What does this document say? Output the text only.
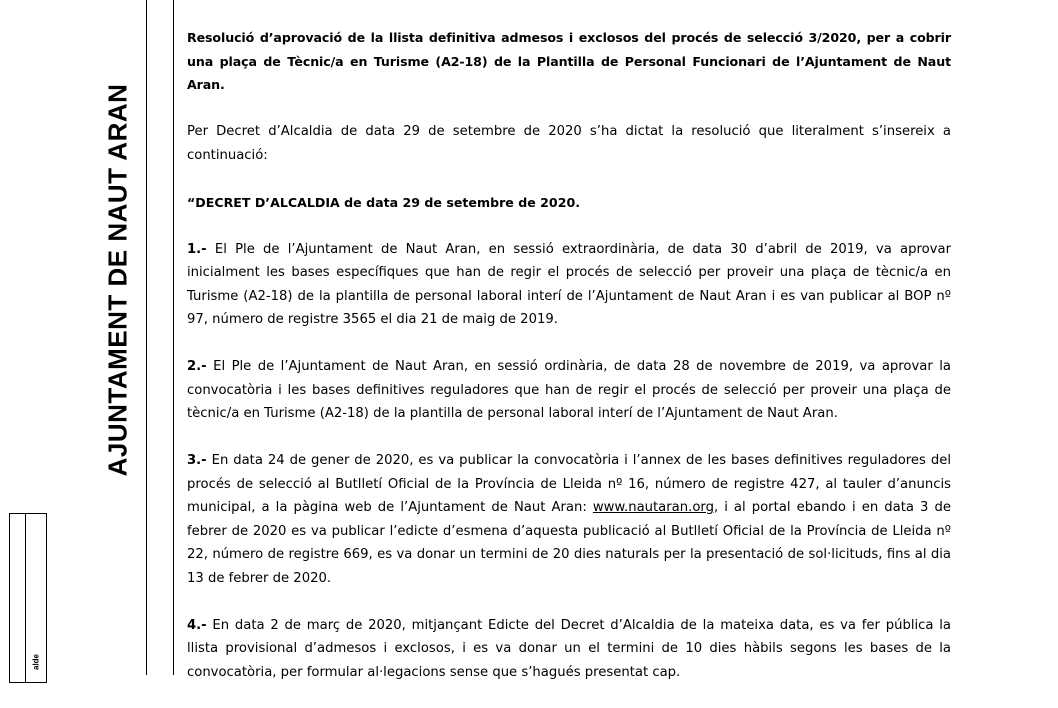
AJUNTAMENT DE NAUT ARAN
alde

Resolució d’aprovació de la llista definitiva admesos i exclosos del procés de selecció 3/2020, per a cobrir una plaça de Tècnic/a en Turisme (A2-18) de la Plantilla de Personal Funcionari de l’Ajuntament de Naut Aran.

Per Decret d’Alcaldia de data 29 de setembre de 2020 s’ha dictat la resolució que literalment s’insereix a continuació:

“DECRET D’ALCALDIA de data 29 de setembre de 2020.

1.- El Ple de l’Ajuntament de Naut Aran, en sessió extraordinària, de data 30 d’abril de 2019, va aprovar inicialment les bases específiques que han de regir el procés de selecció per proveir una plaça de tècnic/a en Turisme (A2-18) de la plantilla de personal laboral interí de l’Ajuntament de Naut Aran i es van publicar al BOP nº 97, número de registre 3565 el dia 21 de maig de 2019.

2.- El Ple de l’Ajuntament de Naut Aran, en sessió ordinària, de data 28 de novembre de 2019, va aprovar la convocatòria i les bases definitives reguladores que han de regir el procés de selecció per proveir una plaça de tècnic/a en Turisme (A2-18) de la plantilla de personal laboral interí de l’Ajuntament de Naut Aran.

3.- En data 24 de gener de 2020, es va publicar la convocatòria i l’annex de les bases definitives reguladores del procés de selecció al Butlletí Oficial de la Província de Lleida nº 16, número de registre 427, al tauler d’anuncis municipal, a la pàgina web de l’Ajuntament de Naut Aran: www.nautaran.org, i al portal ebando i en data 3 de febrer de 2020 es va publicar l’edicte d’esmena d’aquesta publicació al Butlletí Oficial de la Província de Lleida nº 22, número de registre 669, es va donar un termini de 20 dies naturals per la presentació de sol·licituds, fins al dia 13 de febrer de 2020.

4.- En data 2 de març de 2020, mitjançant Edicte del Decret d’Alcaldia de la mateixa data, es va fer pública la llista provisional d’admesos i exclosos, i es va donar un el termini de 10 dies hàbils segons les bases de la convocatòria, per formular al·legacions sense que s’hagués presentat cap.
